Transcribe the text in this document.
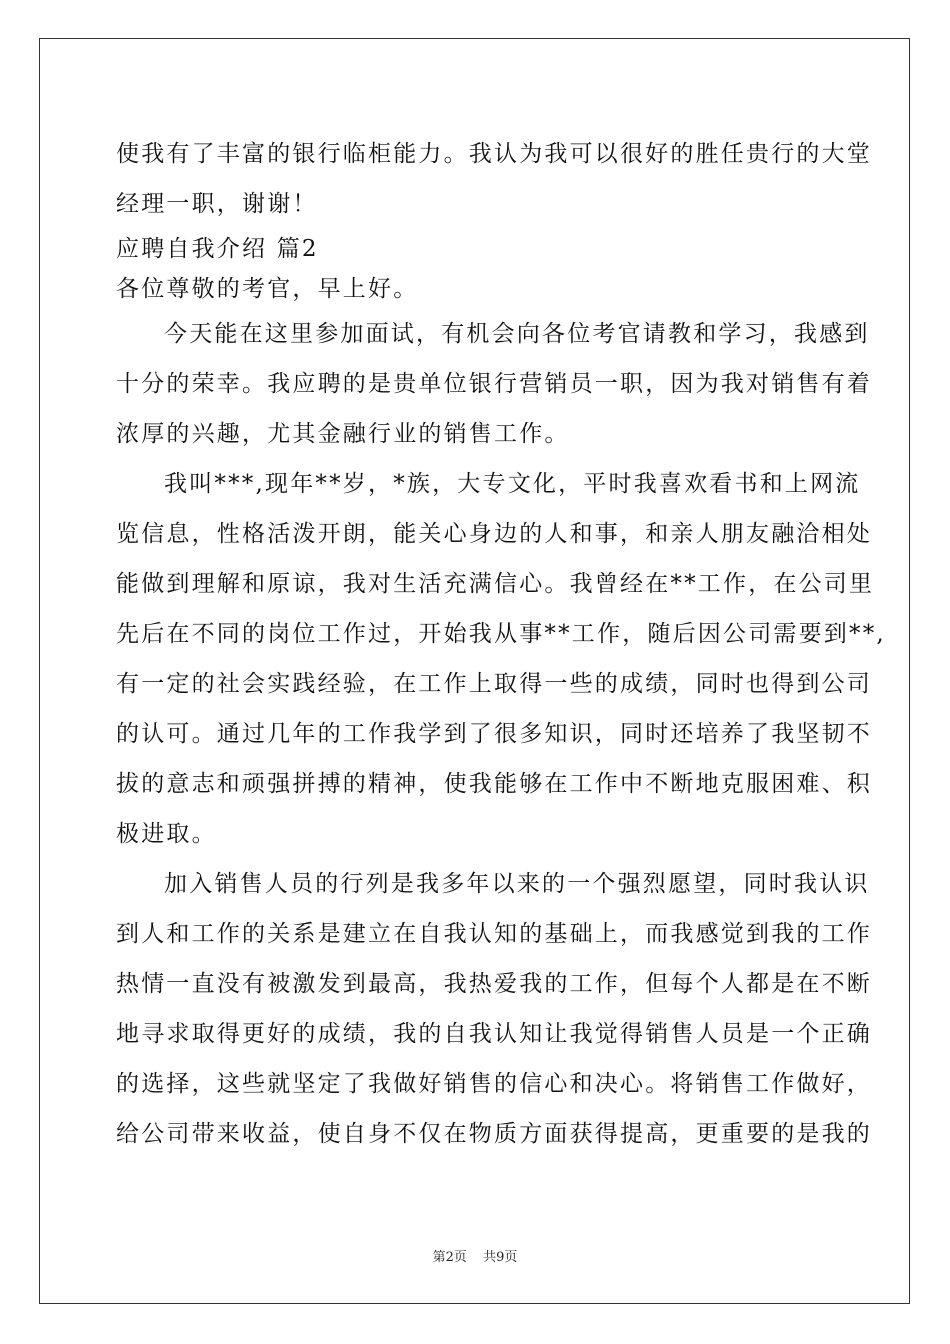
使我有了丰富的银行临柜能力。我认为我可以很好的胜任贵行的大堂
经理一职，谢谢！
应聘自我介绍 篇2
各位尊敬的考官，早上好。
今天能在这里参加面试，有机会向各位考官请教和学习，我感到
十分的荣幸。我应聘的是贵单位银行营销员一职，因为我对销售有着
浓厚的兴趣，尤其金融行业的销售工作。
我叫***,现年**岁，*族，大专文化，平时我喜欢看书和上网流
览信息，性格活泼开朗，能关心身边的人和事，和亲人朋友融洽相处
能做到理解和原谅，我对生活充满信心。我曾经在**工作，在公司里
先后在不同的岗位工作过，开始我从事**工作，随后因公司需要到**,
有一定的社会实践经验，在工作上取得一些的成绩，同时也得到公司
的认可。通过几年的工作我学到了很多知识，同时还培养了我坚韧不
拔的意志和顽强拼搏的精神，使我能够在工作中不断地克服困难、积
极进取。
加入销售人员的行列是我多年以来的一个强烈愿望，同时我认识
到人和工作的关系是建立在自我认知的基础上，而我感觉到我的工作
热情一直没有被激发到最高，我热爱我的工作，但每个人都是在不断
地寻求取得更好的成绩，我的自我认知让我觉得销售人员是一个正确
的选择，这些就坚定了我做好销售的信心和决心。将销售工作做好，
给公司带来收益，使自身不仅在物质方面获得提高，更重要的是我的
第2页 共9页
